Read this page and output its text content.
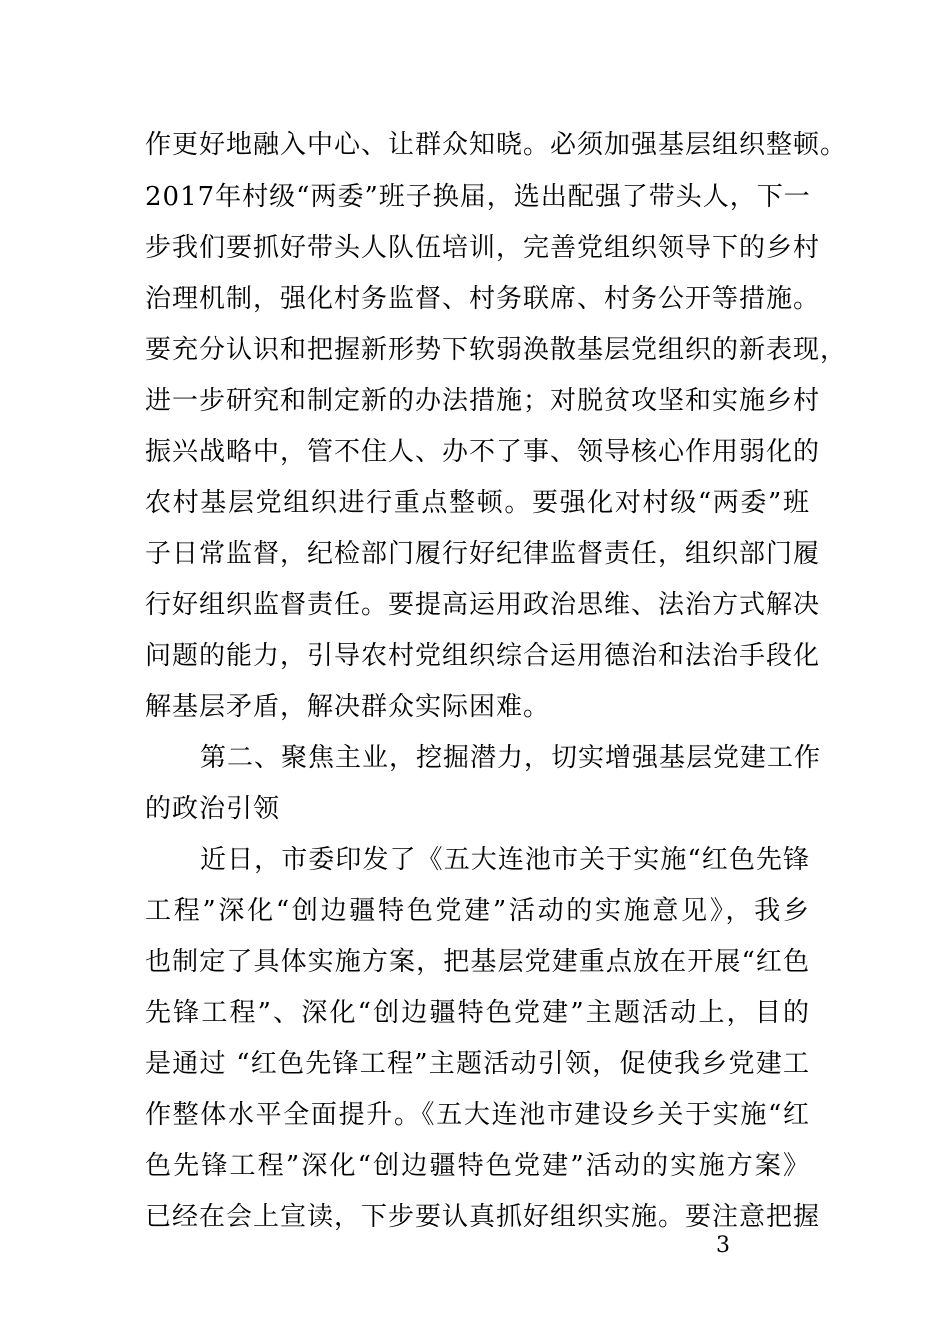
作更好地融入中心、让群众知晓。必须加强基层组织整顿。
2017年村级“两委”班子换届，选出配强了带头人，下一
步我们要抓好带头人队伍培训，完善党组织领导下的乡村
治理机制，强化村务监督、村务联席、村务公开等措施。
要充分认识和把握新形势下软弱涣散基层党组织的新表现，
进一步研究和制定新的办法措施；对脱贫攻坚和实施乡村
振兴战略中，管不住人、办不了事、领导核心作用弱化的
农村基层党组织进行重点整顿。要强化对村级“两委”班
子日常监督，纪检部门履行好纪律监督责任，组织部门履
行好组织监督责任。要提高运用政治思维、法治方式解决
问题的能力，引导农村党组织综合运用德治和法治手段化
解基层矛盾，解决群众实际困难。
第二、聚焦主业，挖掘潜力，切实增强基层党建工作
的政治引领
近日，市委印发了《五大连池市关于实施“红色先锋
工程”深化“创边疆特色党建”活动的实施意见》，我乡
也制定了具体实施方案，把基层党建重点放在开展“红色
先锋工程”、深化“创边疆特色党建”主题活动上，目的
是通过 “红色先锋工程”主题活动引领，促使我乡党建工
作整体水平全面提升。《五大连池市建设乡关于实施“红
色先锋工程”深化“创边疆特色党建”活动的实施方案》
已经在会上宣读，下步要认真抓好组织实施。要注意把握
3
